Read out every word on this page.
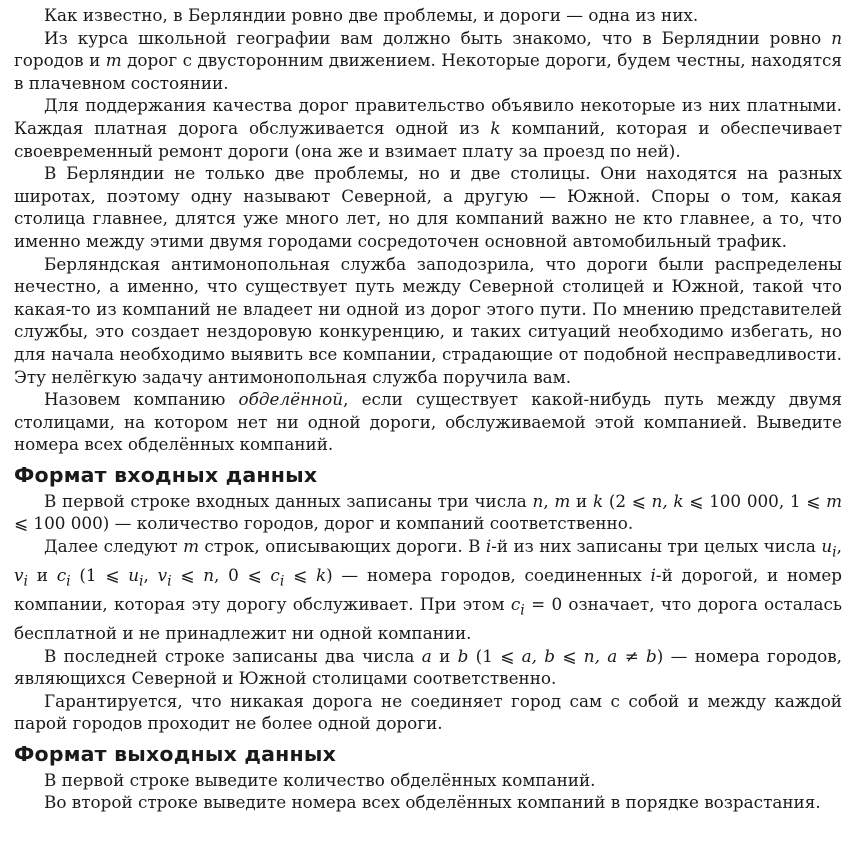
Как известно, в Берляндии ровно две проблемы, и дороги — одна из них.

Из курса школьной географии вам должно быть знакомо, что в Берляднии ровно n городов и m дорог с двусторонним движением. Некоторые дороги, будем честны, находятся в плачевном состоянии.

Для поддержания качества дорог правительство объявило некоторые из них платными. Каждая платная дорога обслуживается одной из k компаний, которая и обеспечивает своевременный ремонт дороги (она же и взимает плату за проезд по ней).

В Берляндии не только две проблемы, но и две столицы. Они находятся на разных широтах, поэтому одну называют Северной, а другую — Южной. Споры о том, какая столица главнее, длятся уже много лет, но для компаний важно не кто главнее, а то, что именно между этими двумя городами сосредоточен основной автомобильный трафик.

Берляндская антимонопольная служба заподозрила, что дороги были распределены нечестно, а именно, что существует путь между Северной столицей и Южной, такой что какая-то из компаний не владеет ни одной из дорог этого пути. По мнению представителей службы, это создает нездоровую конкуренцию, и таких ситуаций необходимо избегать, но для начала необходимо выявить все компании, страдающие от подобной несправедливости. Эту нелёгкую задачу антимонопольная служба поручила вам.

Назовем компанию обделённой, если существует какой-нибудь путь между двумя столицами, на котором нет ни одной дороги, обслуживаемой этой компанией. Выведите номера всех обделённых компаний.

Формат входных данных

В первой строке входных данных записаны три числа n, m и k (2 ⩽ n, k ⩽ 100 000, 1 ⩽ m ⩽ 100 000) — количество городов, дорог и компаний соответственно.

Далее следуют m строк, описывающих дороги. В i-й из них записаны три целых числа $u_i$, $v_i$ и $c_i$ (1 ⩽ $u_i$, $v_i$ ⩽ n, 0 ⩽ $c_i$ ⩽ k) — номера городов, соединенных i-й дорогой, и номер компании, которая эту дорогу обслуживает. При этом $c_i = 0$ означает, что дорога осталась бесплатной и не принадлежит ни одной компании.

В последней строке записаны два числа a и b (1 ⩽ a, b ⩽ n, a ≠ b) — номера городов, являющихся Северной и Южной столицами соответственно.

Гарантируется, что никакая дорога не соединяет город сам с собой и между каждой парой городов проходит не более одной дороги.

Формат выходных данных

В первой строке выведите количество обделённых компаний.

Во второй строке выведите номера всех обделённых компаний в порядке возрастания.
